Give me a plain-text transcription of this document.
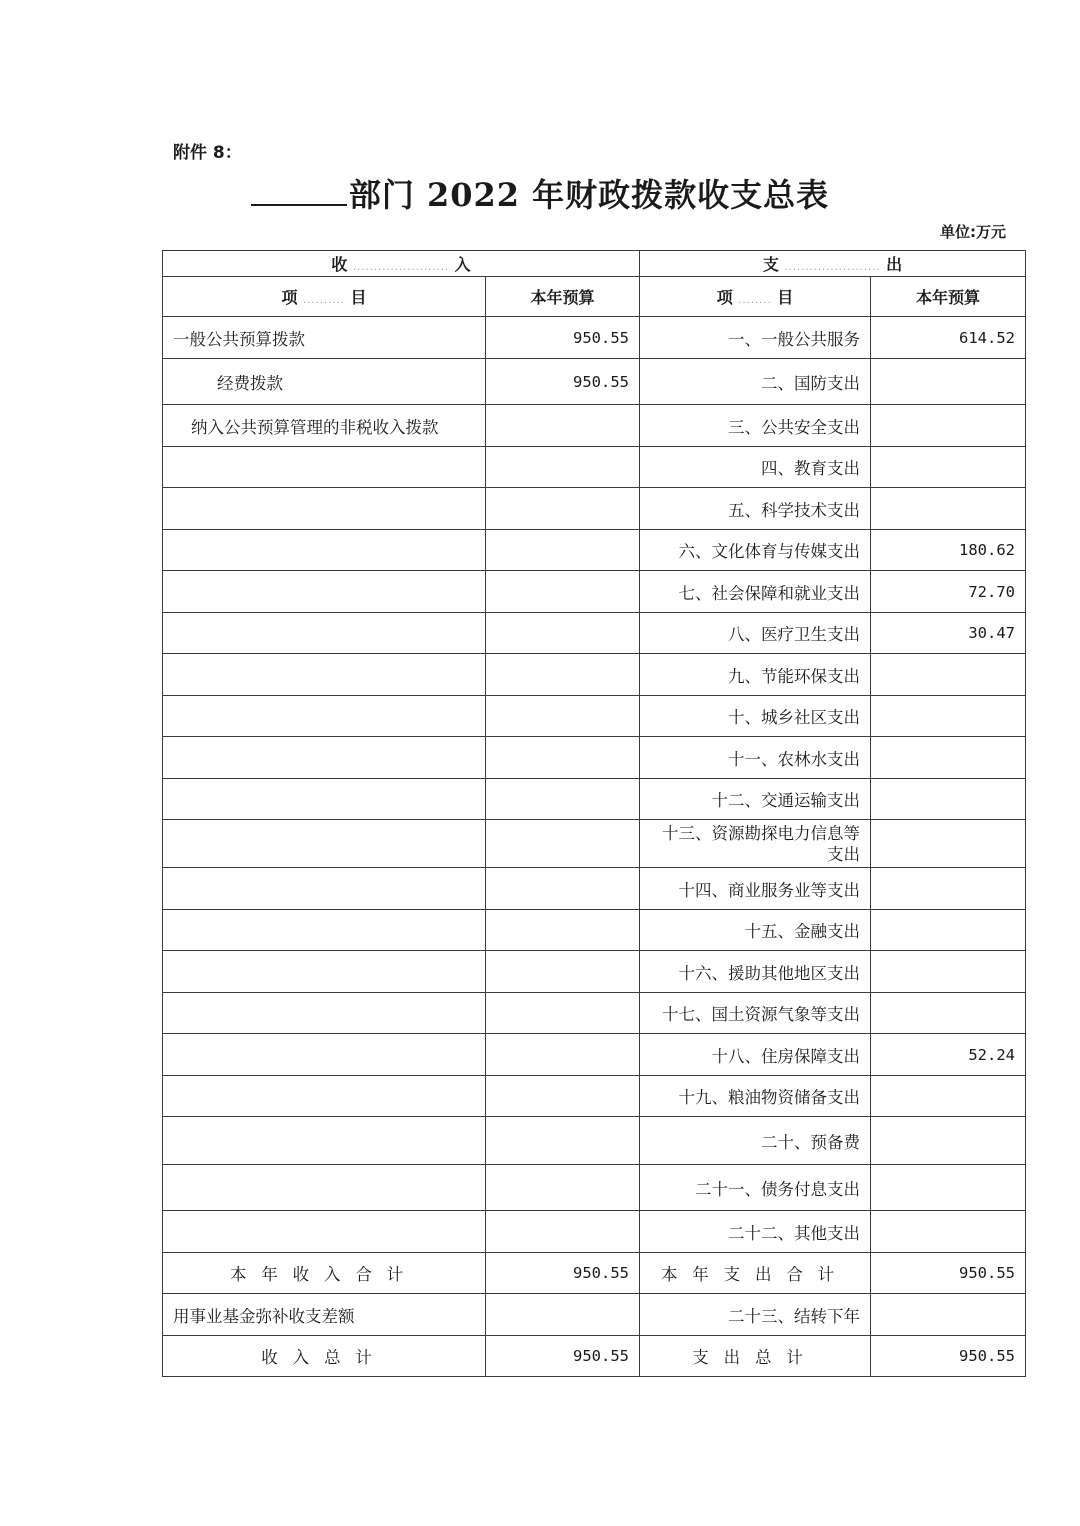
附件 8：
部门 2022 年财政拨款收支总表
单位:万元
收 ....................... 入		支 ....................... 出	
项 .......... 目	本年预算	项 ........ 目	本年预算
一般公共预算拨款	950.55	一、一般公共服务	614.52
经费拨款	950.55	二、国防支出	
纳入公共预算管理的非税收入拨款		三、公共安全支出	
		四、教育支出	
		五、科学技术支出	
		六、文化体育与传媒支出	180.62
		七、社会保障和就业支出	72.70
		八、医疗卫生支出	30.47
		九、节能环保支出	
		十、城乡社区支出	
		十一、农林水支出	
		十二、交通运输支出	
		十三、资源勘探电力信息等支出	
		十四、商业服务业等支出	
		十五、金融支出	
		十六、援助其他地区支出	
		十七、国土资源气象等支出	
		十八、住房保障支出	52.24
		十九、粮油物资储备支出	
		二十、预备费	
		二十一、债务付息支出	
		二十二、其他支出	
本年收入合计	950.55	本年支出合计	950.55
用事业基金弥补收支差额		二十三、结转下年	
收入总计	950.55	支出总计	950.55
